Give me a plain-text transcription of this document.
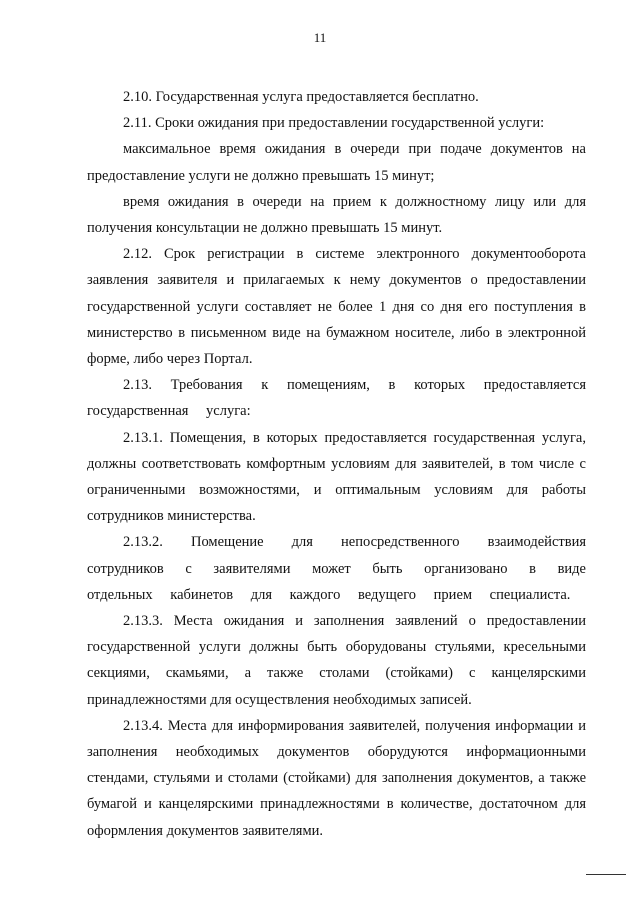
11

2.10. Государственная услуга предоставляется бесплатно.

2.11. Сроки ожидания при предоставлении государственной услуги:

максимальное время ожидания в очереди при подаче документов на предоставление услуги не должно превышать 15 минут;

время ожидания в очереди на прием к должностному лицу или для получения консультации не должно превышать 15 минут.

2.12. Срок регистрации в системе электронного документооборота заявления заявителя и прилагаемых к нему документов о предоставлении государственной услуги составляет не более 1 дня со дня его поступления в министерство в письменном виде на бумажном носителе, либо в электронной форме, либо через Портал.

2.13. Требования к помещениям, в которых предоставляется государственная услуга:

2.13.1. Помещения, в которых предоставляется государственная услуга, должны соответствовать комфортным условиям для заявителей, в том числе с ограниченными возможностями, и оптимальным условиям для работы сотрудников министерства.

2.13.2. Помещение для непосредственного взаимодействия сотрудников с заявителями может быть организовано в виде отдельных кабинетов для каждого ведущего прием специалиста.

2.13.3. Места ожидания и заполнения заявлений о предоставлении государственной услуги должны быть оборудованы стульями, кресельными секциями, скамьями, а также столами (стойками) с канцелярскими принадлежностями для осуществления необходимых записей.

2.13.4. Места для информирования заявителей, получения информации и заполнения необходимых документов оборудуются информационными стендами, стульями и столами (стойками) для заполнения документов, а также бумагой и канцелярскими принадлежностями в количестве, достаточном для оформления документов заявителями.
